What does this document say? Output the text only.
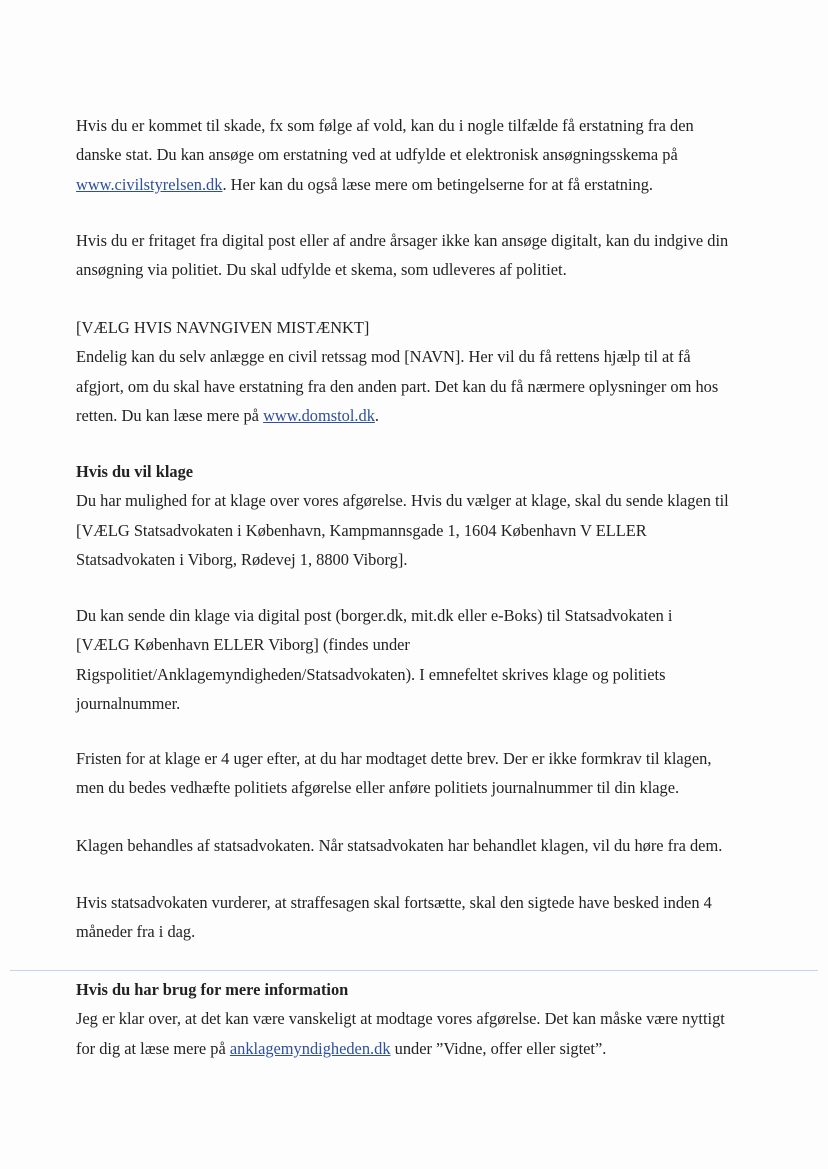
Hvis du er kommet til skade, fx som følge af vold, kan du i nogle tilfælde få erstatning fra den
danske stat. Du kan ansøge om erstatning ved at udfylde et elektronisk ansøgningsskema på
www.civilstyrelsen.dk. Her kan du også læse mere om betingelserne for at få erstatning.
Hvis du er fritaget fra digital post eller af andre årsager ikke kan ansøge digitalt, kan du indgive din
ansøgning via politiet. Du skal udfylde et skema, som udleveres af politiet.
[VÆLG HVIS NAVNGIVEN MISTÆNKT]
Endelig kan du selv anlægge en civil retssag mod [NAVN]. Her vil du få rettens hjælp til at få
afgjort, om du skal have erstatning fra den anden part. Det kan du få nærmere oplysninger om hos
retten. Du kan læse mere på www.domstol.dk.
Hvis du vil klage
Du har mulighed for at klage over vores afgørelse. Hvis du vælger at klage, skal du sende klagen til
[VÆLG Statsadvokaten i København, Kampmannsgade 1, 1604 København V ELLER
Statsadvokaten i Viborg, Rødevej 1, 8800 Viborg].
Du kan sende din klage via digital post (borger.dk, mit.dk eller e-Boks) til Statsadvokaten i
[VÆLG København ELLER Viborg] (findes under
Rigspolitiet/Anklagemyndigheden/Statsadvokaten). I emnefeltet skrives klage og politiets
journalnummer.
Fristen for at klage er 4 uger efter, at du har modtaget dette brev. Der er ikke formkrav til klagen,
men du bedes vedhæfte politiets afgørelse eller anføre politiets journalnummer til din klage.
Klagen behandles af statsadvokaten. Når statsadvokaten har behandlet klagen, vil du høre fra dem.
Hvis statsadvokaten vurderer, at straffesagen skal fortsætte, skal den sigtede have besked inden 4
måneder fra i dag.
Hvis du har brug for mere information
Jeg er klar over, at det kan være vanskeligt at modtage vores afgørelse. Det kan måske være nyttigt
for dig at læse mere på anklagemyndigheden.dk under ”Vidne, offer eller sigtet”.
